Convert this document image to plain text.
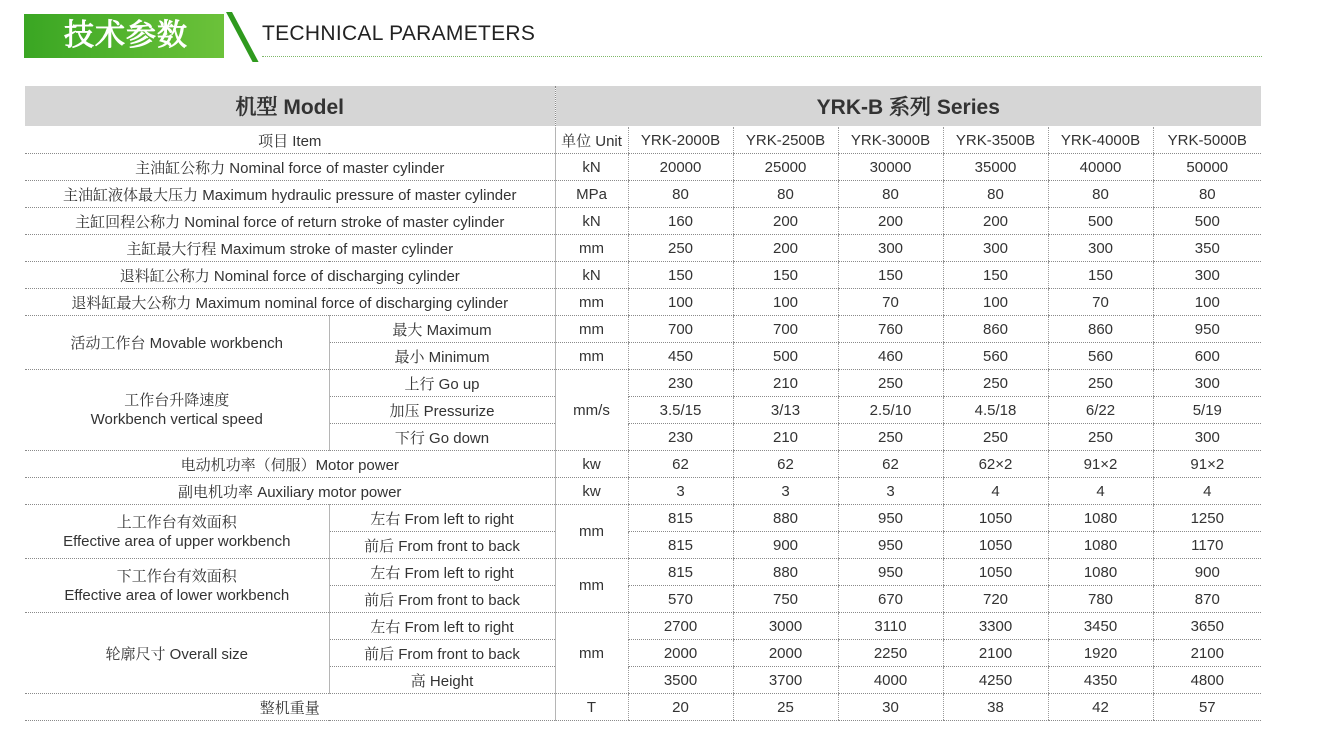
技术参数	TECHNICAL PARAMETERS
机型 Model		YRK-B 系列 Series						
项目 Item		单位 Unit	YRK-2000B	YRK-2500B	YRK-3000B	YRK-3500B	YRK-4000B	YRK-5000B
主油缸公称力 Nominal force of master cylinder		kN	20000	25000	30000	35000	40000	50000
主油缸液体最大压力 Maximum hydraulic pressure of master cylinder		MPa	80	80	80	80	80	80
主缸回程公称力 Nominal force of return stroke of master cylinder		kN	160	200	200	200	500	500
主缸最大行程 Maximum stroke of master cylinder		mm	250	200	300	300	300	350
退料缸公称力 Nominal force of discharging cylinder		kN	150	150	150	150	150	300
退料缸最大公称力 Maximum nominal force of discharging cylinder		mm	100	100	70	100	70	100
活动工作台 Movable workbench	最大 Maximum	mm	700	700	760	860	860	950
	最小 Minimum	mm	450	500	460	560	560	600

工作台升降速度
Workbench vertical speed	上行 Go up	mm/s	230	210	250	250	250	300
	加压 Pressurize		3.5/15	3/13	2.5/10	4.5/18	6/22	5/19
	下行 Go down		230	210	250	250	250	300
电动机功率（伺服）Motor power		kw	62	62	62	62×2	91×2	91×2
副电机功率 Auxiliary motor power		kw	3	3	3	4	4	4

上工作台有效面积
Effective area of upper workbench	左右 From left to right	mm	815	880	950	1050	1080	1250
	前后 From front to back		815	900	950	1050	1080	1170

下工作台有效面积
Effective area of lower workbench	左右 From left to right	mm	815	880	950	1050	1080	900
	前后 From front to back		570	750	670	720	780	870
轮廓尺寸 Overall size	左右 From left to right	mm	2700	3000	3110	3300	3450	3650
	前后 From front to back		2000	2000	2250	2100	1920	2100
	高 Height		3500	3700	4000	4250	4350	4800
整机重量		T	20	25	30	38	42	57
